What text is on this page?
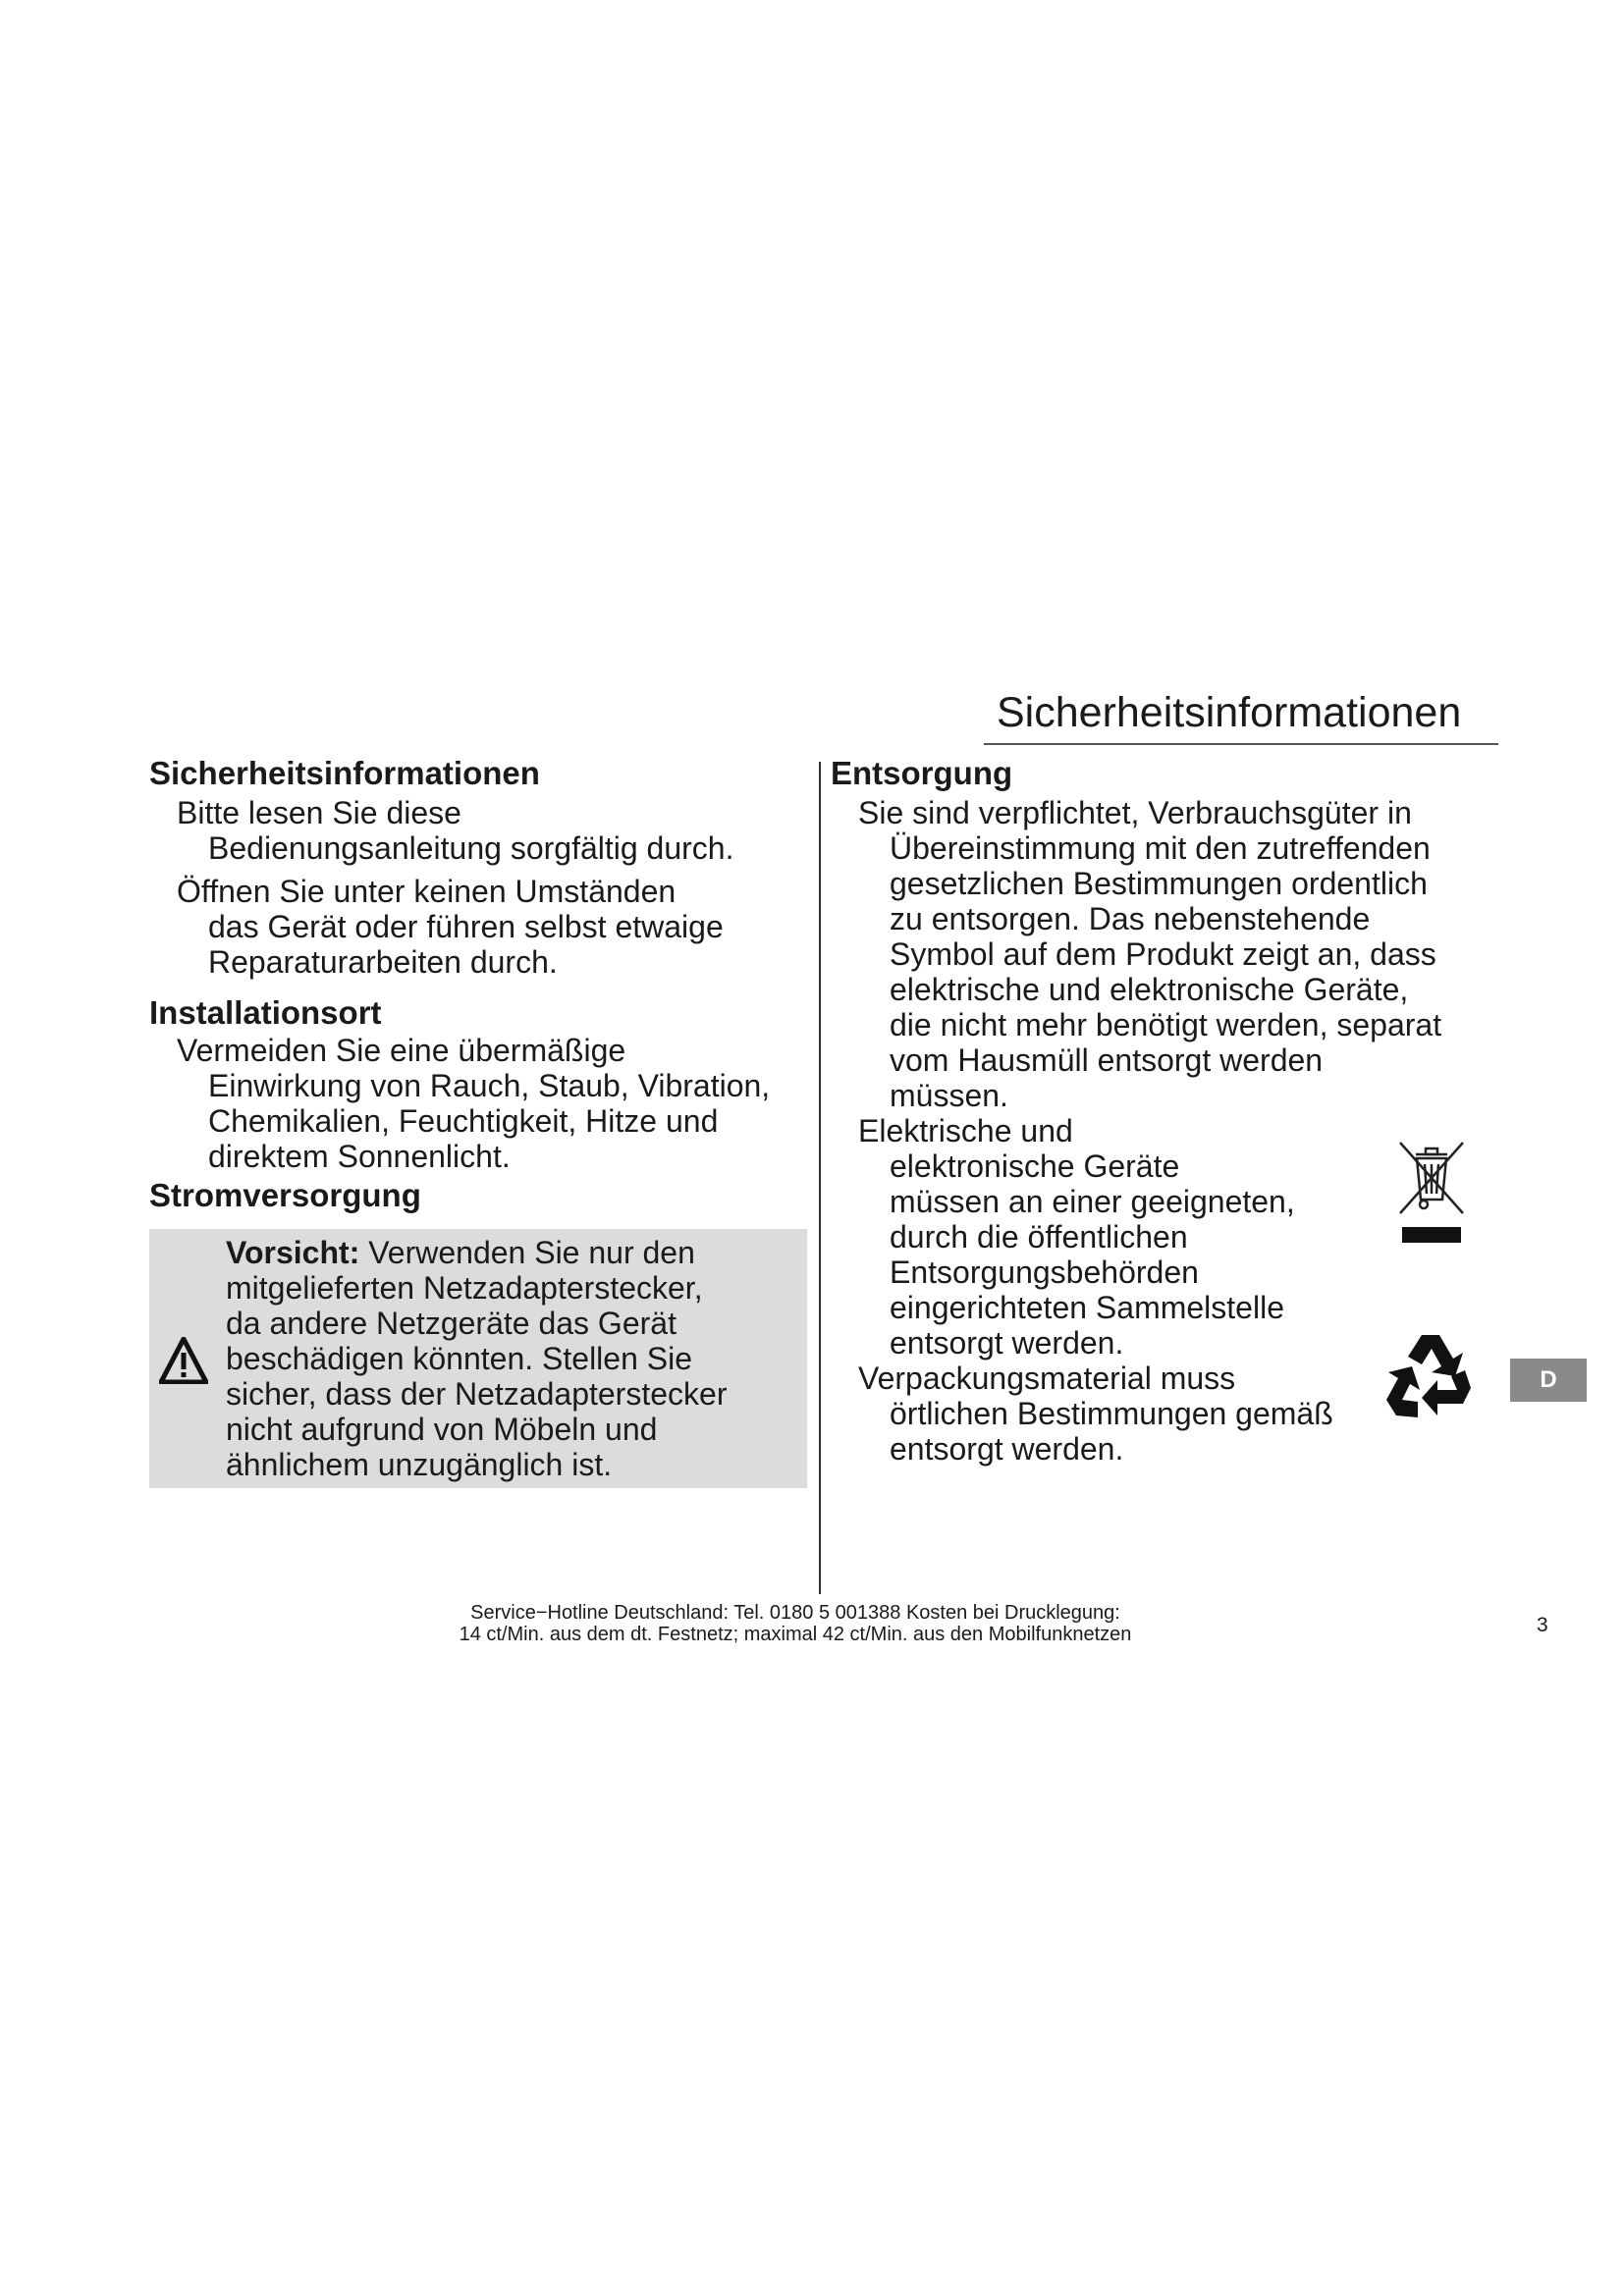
Sicherheitsinformationen
Sicherheitsinformationen
Bitte lesen Sie diese
Bedienungsanleitung sorgfältig durch.
Öffnen Sie unter keinen Umständen
das Gerät oder führen selbst etwaige
Reparaturarbeiten durch.
Installationsort
Vermeiden Sie eine übermäßige
Einwirkung von Rauch, Staub, Vibration,
Chemikalien, Feuchtigkeit, Hitze und
direktem Sonnenlicht.
Stromversorgung
Vorsicht: Verwenden Sie nur den
mitgelieferten Netzadapterstecker,
da andere Netzgeräte das Gerät
beschädigen könnten. Stellen Sie
sicher, dass der Netzadapterstecker
nicht aufgrund von Möbeln und
ähnlichem unzugänglich ist.
Entsorgung
Sie sind verpflichtet, Verbrauchsgüter in
Übereinstimmung mit den zutreffenden
gesetzlichen Bestimmungen ordentlich
zu entsorgen. Das nebenstehende
Symbol auf dem Produkt zeigt an, dass
elektrische und elektronische Geräte,
die nicht mehr benötigt werden, separat
vom Hausmüll entsorgt werden
müssen.
Elektrische und
elektronische Geräte
müssen an einer geeigneten,
durch die öffentlichen
Entsorgungsbehörden
eingerichteten Sammelstelle
entsorgt werden.
Verpackungsmaterial muss
örtlichen Bestimmungen gemäß
entsorgt werden.
D
Service−Hotline Deutschland: Tel. 0180 5 001388 Kosten bei Drucklegung:
14 ct/Min. aus dem dt. Festnetz; maximal 42 ct/Min. aus den Mobilfunknetzen	3
